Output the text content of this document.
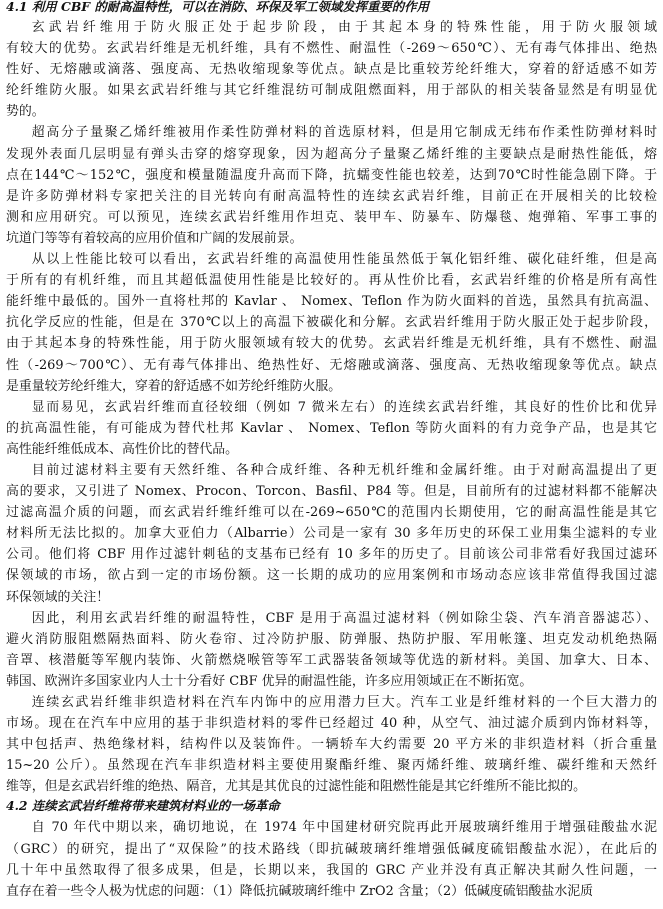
4.1 利用 CBF 的耐高温特性，可以在消防、环保及军工领域发挥重要的作用
玄武岩纤维用于防火服正处于起步阶段，由于其起本身的特殊性能，用于防火服领域
有较大的优势。玄武岩纤维是无机纤维，具有不燃性、耐温性（-269～650℃）、无有毒气体排出、绝热
性好、无熔融或滴落、强度高、无热收缩现象等优点。缺点是比重较芳纶纤维大，穿着的舒适感不如芳
纶纤维防火服。如果玄武岩纤维与其它纤维混纺可制成阻燃面料，用于部队的相关装备显然是有明显优
势的。
超高分子量聚乙烯纤维被用作柔性防弹材料的首选原材料，但是用它制成无纬布作柔性防弹材料时
发现外表面几层明显有弹头击穿的熔穿现象，因为超高分子量聚乙烯纤维的主要缺点是耐热性能低，熔
点在144℃～152℃，强度和模量随温度升高而下降，抗蠕变性能也较差，达到70℃时性能急剧下降。于
是许多防弹材料专家把关注的目光转向有耐高温特性的连续玄武岩纤维，目前正在开展相关的比较检
测和应用研究。可以预见，连续玄武岩纤维用作坦克、装甲车、防暴车、防爆毯、炮弹箱、军事工事的
坑道门等等有着较高的应用价值和广阔的发展前景。
从以上性能比较可以看出，玄武岩纤维的高温使用性能虽然低于氧化铝纤维、碳化硅纤维，但是高
于所有的有机纤维，而且其超低温使用性能是比较好的。再从性价比看，玄武岩纤维的价格是所有高性
能纤维中最低的。国外一直将杜邦的 Kavlar 、 Nomex、Teflon 作为防火面料的首选，虽然具有抗高温、
抗化学反应的性能，但是在 370℃以上的高温下被碳化和分解。玄武岩纤维用于防火服正处于起步阶段，
由于其起本身的特殊性能，用于防火服领域有较大的优势。玄武岩纤维是无机纤维，具有不燃性、耐温
性（-269～700℃）、无有毒气体排出、绝热性好、无熔融或滴落、强度高、无热收缩现象等优点。缺点
是重量较芳纶纤维大，穿着的舒适感不如芳纶纤维防火服。
显而易见，玄武岩纤维而直径较细（例如 7 微米左右）的连续玄武岩纤维，其良好的性价比和优异
的抗高温性能，有可能成为替代杜邦 Kavlar 、 Nomex、Teflon 等防火面料的有力竞争产品，也是其它
高性能纤维低成本、高性价比的替代品。
目前过滤材料主要有天然纤维、各种合成纤维、各种无机纤维和金属纤维。由于对耐高温提出了更
高的要求，又引进了 Nomex、Procon、Torcon、Basfil、P84 等。但是，目前所有的过滤材料都不能解决
过滤高温介质的问题，而玄武岩纤维纤维可以在-269~650℃的范围内长期使用，它的耐高温性能是其它
材料所无法比拟的。加拿大亚伯力（Albarrie）公司是一家有 30 多年历史的环保工业用集尘滤料的专业
公司。他们将 CBF 用作过滤针刺毡的支基布已经有 10 多年的历史了。目前该公司非常看好我国过滤环
保领域的市场，欲占到一定的市场份额。这一长期的成功的应用案例和市场动态应该非常值得我国过滤
环保领域的关注！
因此，利用玄武岩纤维的耐温特性，CBF 是用于高温过滤材料（例如除尘袋、汽车消音器滤芯）、
避火消防服阻燃隔热面料、防火卷帘、过冷防护服、防弹服、热防护服、军用帐篷、坦克发动机绝热隔
音罩、核潜艇等军舰内装饰、火箭燃烧喉管等军工武器装备领域等优选的新材料。美国、加拿大、日本、
韩国、欧洲许多国家业内人士十分看好 CBF 优异的耐温性能，许多应用领域正在不断拓宽。
连续玄武岩纤维非织造材料在汽车内饰中的应用潜力巨大。汽车工业是纤维材料的一个巨大潜力的
市场。现在在汽车中应用的基于非织造材料的零件已经超过 40 种，从空气、油过滤介质到内饰材料等，
其中包括声、热绝缘材料，结构件以及装饰件。一辆轿车大约需要 20 平方米的非织造材料（折合重量
15~20 公斤）。虽然现在汽车非织造材料主要使用聚酯纤维、聚丙烯纤维、玻璃纤维、碳纤维和天然纤
维等，但是玄武岩纤维的绝热、隔音，尤其是其优良的过滤性能和阻燃性能是其它纤维所不能比拟的。
4.2 连续玄武岩纤维将带来建筑材料业的一场革命
自 70 年代中期以来，确切地说，在 1974 年中国建材研究院再此开展玻璃纤维用于增强硅酸盐水泥
（GRC）的研究，提出了“双保险”的技术路线（即抗碱玻璃纤维增强低碱度硫铝酸盐水泥），在此后的
几十年中虽然取得了很多成果，但是，长期以来，我国的 GRC 产业并没有真正解决其耐久性问题，一
直存在着一些令人极为忧虑的问题：（1）降低抗碱玻璃纤维中 ZrO2 含量；（2）低碱度硫铝酸盐水泥质
